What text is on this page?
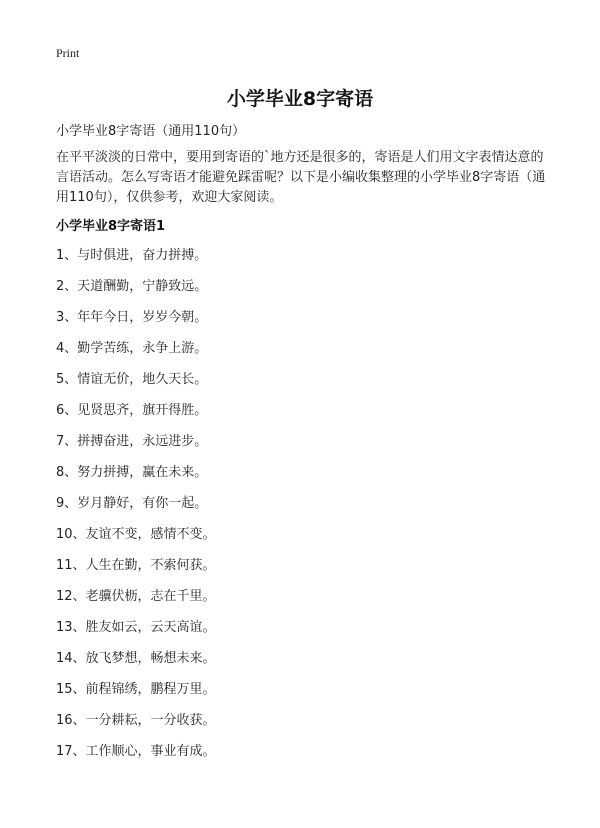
Print
小学毕业8字寄语
小学毕业8字寄语（通用110句）

在平平淡淡的日常中，要用到寄语的`地方还是很多的，寄语是人们用文字表情达意的言语活动。怎么写寄语才能避免踩雷呢？以下是小编收集整理的小学毕业8字寄语（通用110句），仅供参考，欢迎大家阅读。

小学毕业8字寄语1
1、与时俱进，奋力拼搏。
2、天道酬勤，宁静致远。
3、年年今日，岁岁今朝。
4、勤学苦练，永争上游。
5、情谊无价，地久天长。
6、见贤思齐，旗开得胜。
7、拼搏奋进，永远进步。
8、努力拼搏，赢在未来。
9、岁月静好，有你一起。
10、友谊不变，感情不变。
11、人生在勤，不索何获。
12、老骥伏枥，志在千里。
13、胜友如云，云天高谊。
14、放飞梦想，畅想未来。
15、前程锦绣，鹏程万里。
16、一分耕耘，一分收获。
17、工作顺心，事业有成。
